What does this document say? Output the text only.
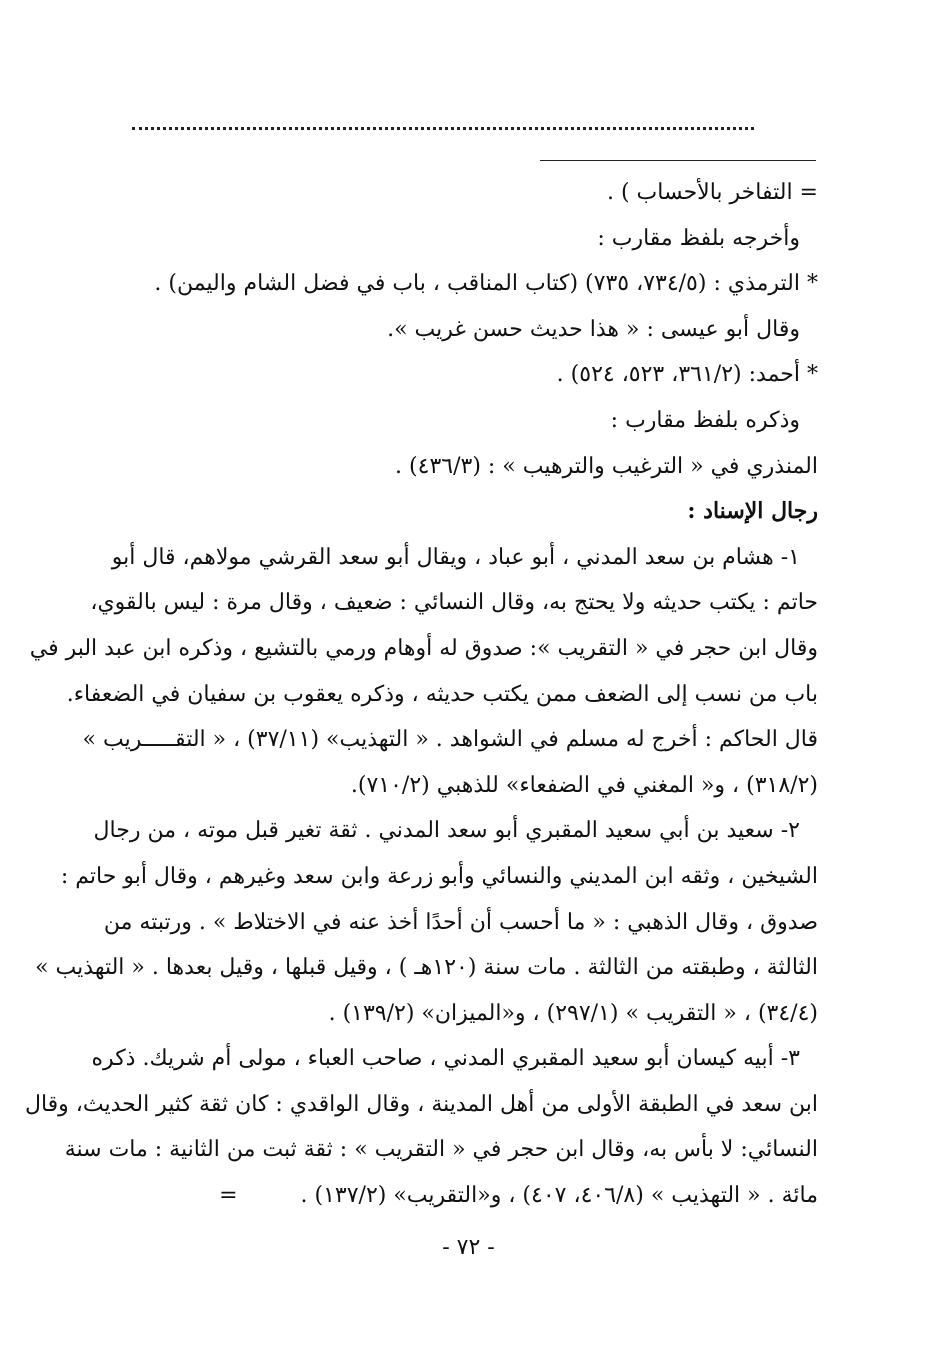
= التفاخر بالأحساب ) .
وأخرجه بلفظ مقارب :
* الترمذي : (٧٣٤/٥، ٧٣٥) (كتاب المناقب ، باب في فضل الشام واليمن) .
وقال أبو عيسى : « هذا حديث حسن غريب ».
* أحمد: (٣٦١/٢، ٥٢٣، ٥٢٤) .
وذكره بلفظ مقارب :
المنذري في « الترغيب والترهيب » : (٤٣٦/٣) .
رجال الإسناد :
١- هشام بن سعد المدني ، أبو عباد ، ويقال أبو سعد القرشي مولاهم، قال أبو
حاتم : يكتب حديثه ولا يحتج به، وقال النسائي : ضعيف ، وقال مرة : ليس بالقوي،
وقال ابن حجر في « التقريب »: صدوق له أوهام ورمي بالتشيع ، وذكره ابن عبد البر في
باب من نسب إلى الضعف ممن يكتب حديثه ، وذكره يعقوب بن سفيان في الضعفاء.
قال الحاكم : أخرج له مسلم في الشواهد . « التهذيب» (٣٧/١١) ، « التقـــــريب »
(٣١٨/٢) ، و« المغني في الضفعاء» للذهبي (٧١٠/٢).
٢- سعيد بن أبي سعيد المقبري أبو سعد المدني . ثقة تغير قبل موته ، من رجال
الشيخين ، وثقه ابن المديني والنسائي وأبو زرعة وابن سعد وغيرهم ، وقال أبو حاتم :
صدوق ، وقال الذهبي : « ما أحسب أن أحدًا أخذ عنه في الاختلاط » . ورتبته من
الثالثة ، وطبقته من الثالثة . مات سنة (١٢٠هـ ) ، وقيل قبلها ، وقيل بعدها . « التهذيب »
(٣٤/٤) ، « التقريب » (٢٩٧/١) ، و«الميزان» (١٣٩/٢) .
٣- أبيه كيسان أبو سعيد المقبري المدني ، صاحب العباء ، مولى أم شريك. ذكره
ابن سعد في الطبقة الأولى من أهل المدينة ، وقال الواقدي : كان ثقة كثير الحديث، وقال
النسائي: لا بأس به، وقال ابن حجر في « التقريب » : ثقة ثبت من الثانية : مات سنة
مائة . « التهذيب » (٤٠٦/٨، ٤٠٧) ، و«التقريب» (١٣٧/٢) .         =
- ٧٢ -
